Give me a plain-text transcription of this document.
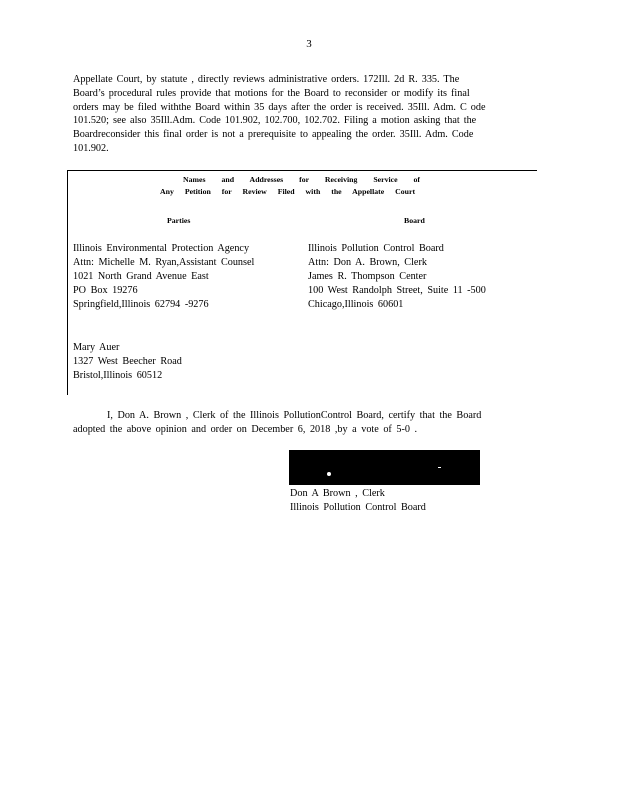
3
Appellate Court, by statute , directly reviews administrative orders. 172Ill. 2d R. 335. The
Board’s procedural rules provide that motions for the Board to reconsider or modify its final
orders may be filed withthe Board within 35 days after the order is received. 35Ill. Adm. C ode
101.520; see also 35Ill.Adm. Code 101.902, 102.700, 102.702. Filing a motion asking that the
Boardreconsider this final order is not a prerequisite to appealing the order. 35Ill. Adm. Code
101.902.
Names and Addresses for Receiving Service of
Any Petition for Review Filed with the Appellate Court
Parties	Board
Illinois Environmental Protection Agency
Attn: Michelle M. Ryan,Assistant Counsel
1021 North Grand Avenue East
PO Box 19276
Springfield,Illinois 62794 -9276
Illinois Pollution Control Board
Attn: Don A. Brown, Clerk
James R. Thompson Center
100 West Randolph Street, Suite 11 -500
Chicago,Illinois 60601
Mary Auer
1327 West Beecher Road
Bristol,Illinois 60512
I, Don A. Brown , Clerk of the Illinois PollutionControl Board, certify that the Board
adopted the above opinion and order on December 6, 2018 ,by a vote of 5-0 .
Don A Brown , Clerk
Illinois Pollution Control Board
